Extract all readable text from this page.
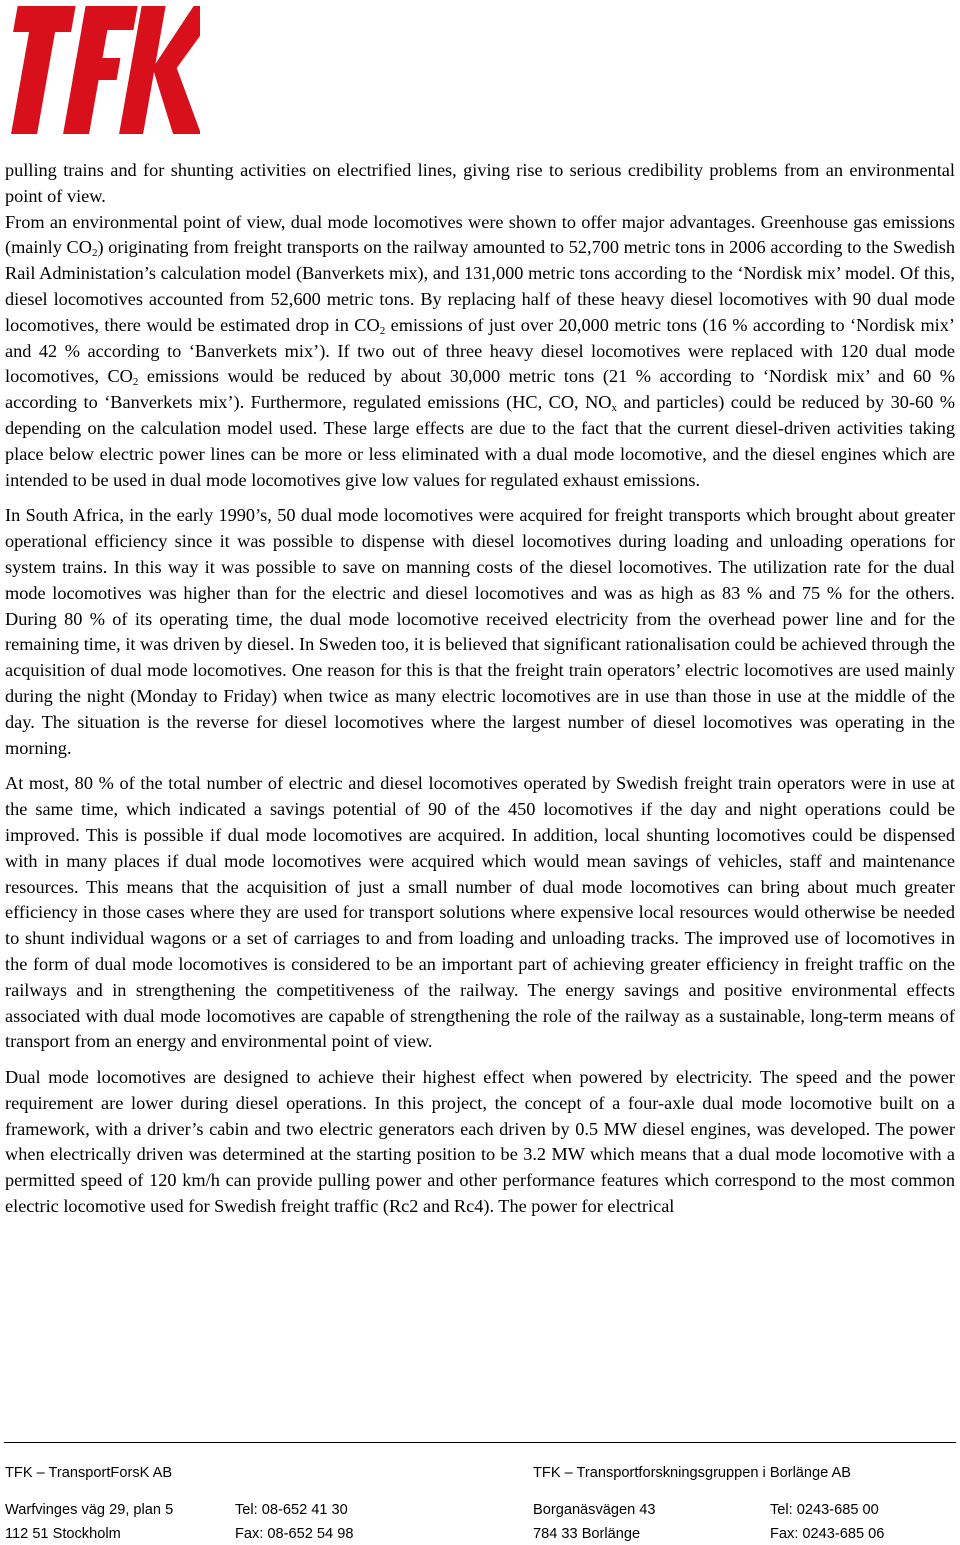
pulling trains and for shunting activities on electrified lines, giving rise to serious credibility problems from an environmental point of view.

From an environmental point of view, dual mode locomotives were shown to offer major advantages. Greenhouse gas emissions (mainly $CO_2$) originating from freight transports on the railway amounted to 52,700 metric tons in 2006 according to the Swedish Rail Administation’s calculation model (Banverkets mix), and 131,000 metric tons according to the ‘Nordisk mix’ model. Of this, diesel locomotives accounted from 52,600 metric tons. By replacing half of these heavy diesel locomotives with 90 dual mode locomotives, there would be estimated drop in $CO_2$ emissions of just over 20,000 metric tons (16 % according to ‘Nordisk mix’ and 42 % according to ‘Banverkets mix’). If two out of three heavy diesel locomotives were replaced with 120 dual mode locomotives, $CO_2$ emissions would be reduced by about 30,000 metric tons (21 % according to ‘Nordisk mix’ and 60 % according to ‘Banverkets mix’). Furthermore, regulated emissions (HC, CO, $NO_x$ and particles) could be reduced by 30-60 % depending on the calculation model used. These large effects are due to the fact that the current diesel-driven activities taking place below electric power lines can be more or less eliminated with a dual mode locomotive, and the diesel engines which are intended to be used in dual mode locomotives give low values for regulated exhaust emissions.

In South Africa, in the early 1990’s, 50 dual mode locomotives were acquired for freight transports which brought about greater operational efficiency since it was possible to dispense with diesel locomotives during loading and unloading operations for system trains. In this way it was possible to save on manning costs of the diesel locomotives. The utilization rate for the dual mode locomotives was higher than for the electric and diesel locomotives and was as high as 83 % and 75 % for the others. During 80 % of its operating time, the dual mode locomotive received electricity from the overhead power line and for the remaining time, it was driven by diesel. In Sweden too, it is believed that significant rationalisation could be achieved through the acquisition of dual mode locomotives. One reason for this is that the freight train operators’ electric locomotives are used mainly during the night (Monday to Friday) when twice as many electric locomotives are in use than those in use at the middle of the day. The situation is the reverse for diesel locomotives where the largest number of diesel locomotives was operating in the morning.

At most, 80 % of the total number of electric and diesel locomotives operated by Swedish freight train operators were in use at the same time, which indicated a savings potential of 90 of the 450 locomotives if the day and night operations could be improved. This is possible if dual mode locomotives are acquired. In addition, local shunting locomotives could be dispensed with in many places if dual mode locomotives were acquired which would mean savings of vehicles, staff and maintenance resources. This means that the acquisition of just a small number of dual mode locomotives can bring about much greater efficiency in those cases where they are used for transport solutions where expensive local resources would otherwise be needed to shunt individual wagons or a set of carriages to and from loading and unloading tracks. The improved use of locomotives in the form of dual mode locomotives is considered to be an important part of achieving greater efficiency in freight traffic on the railways and in strengthening the competitiveness of the railway. The energy savings and positive environmental effects associated with dual mode locomotives are capable of strengthening the role of the railway as a sustainable, long-term means of transport from an energy and environmental point of view.

Dual mode locomotives are designed to achieve their highest effect when powered by electricity. The speed and the power requirement are lower during diesel operations. In this project, the concept of a four-axle dual mode locomotive built on a framework, with a driver’s cabin and two electric generators each driven by 0.5 MW diesel engines, was developed. The power when electrically driven was determined at the starting position to be 3.2 MW which means that a dual mode locomotive with a permitted speed of 120 km/h can provide pulling power and other performance features which correspond to the most common electric locomotive used for Swedish freight traffic (Rc2 and Rc4). The power for electrical

TFK – TransportForsK AB	TFK – Transportforskningsgruppen i Borlänge AB
Warfvinges väg 29, plan 5	Tel: 08-652 41 30	Borganäsvägen 43	Tel: 0243-685 00
112 51 Stockholm	Fax: 08-652 54 98	784 33 Borlänge	Fax: 0243-685 06
